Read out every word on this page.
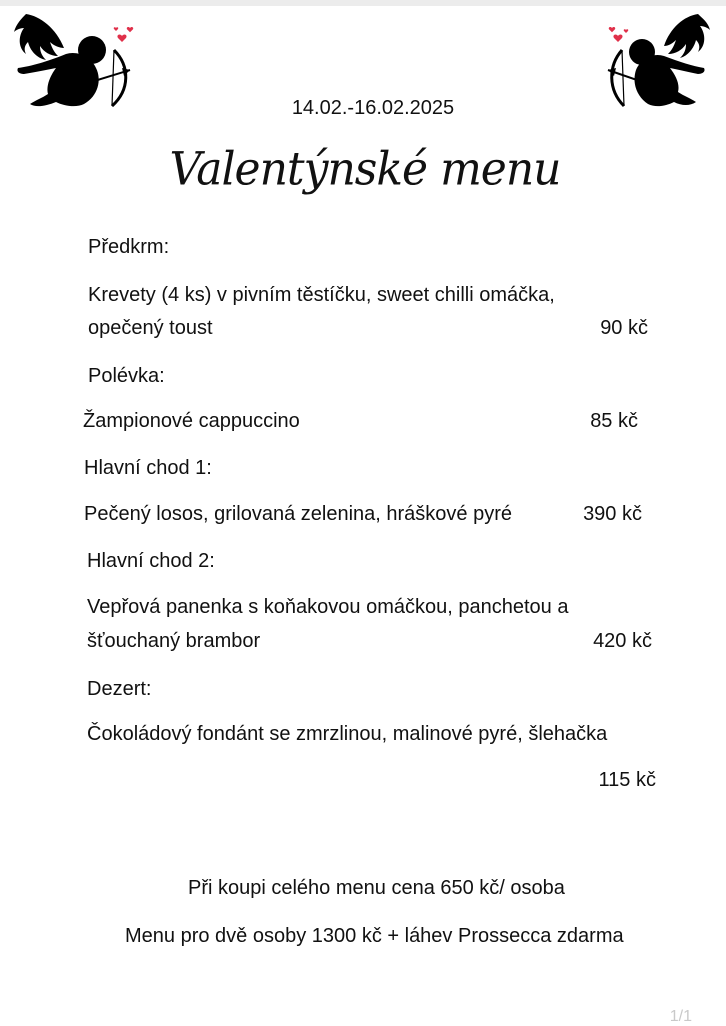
14.02.-16.02.2025
Valentýnské menu
Předkrm:
Krevety (4 ks) v pivním těstíčku, sweet chilli omáčka,
opečený toust	90 kč
Polévka:
Žampionové cappuccino	85 kč
Hlavní chod 1:
Pečený losos, grilovaná zelenina, hráškové pyré	390 kč
Hlavní chod 2:
Vepřová panenka s koňakovou omáčkou, panchetou a
šťouchaný brambor	420 kč
Dezert:
Čokoládový fondánt se zmrzlinou, malinové pyré, šlehačka
115 kč
Při koupi celého menu cena 650 kč/ osoba
Menu pro dvě osoby 1300 kč + láhev Prossecca zdarma
1/1
